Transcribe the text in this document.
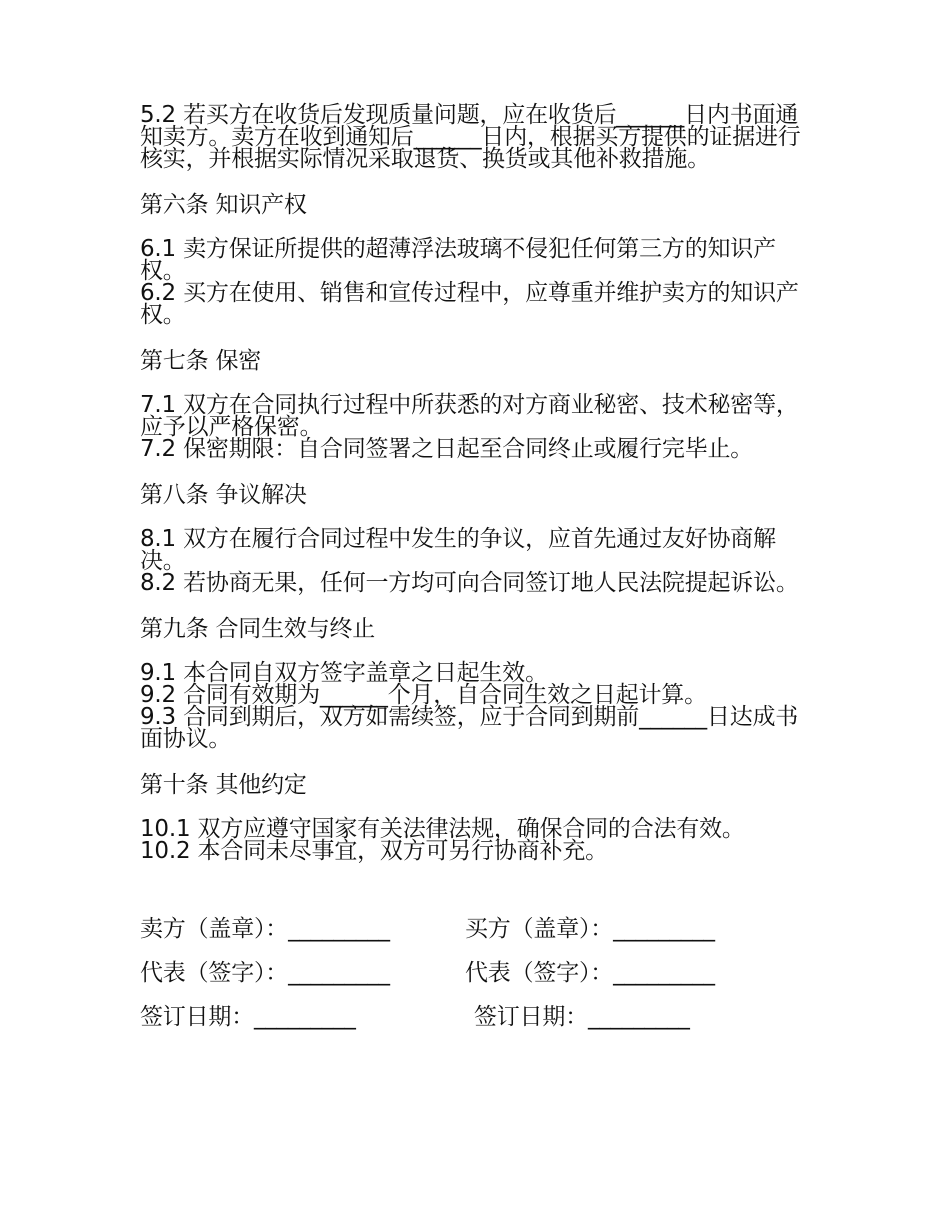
5.2 若买方在收货后发现质量问题，应在收货后______日内书面通知卖方。卖方在收到通知后______日内，根据买方提供的证据进行核实，并根据实际情况采取退货、换货或其他补救措施。

第六条 知识产权

6.1 卖方保证所提供的超薄浮法玻璃不侵犯任何第三方的知识产权。

6.2 买方在使用、销售和宣传过程中，应尊重并维护卖方的知识产权。

第七条 保密

7.1 双方在合同执行过程中所获悉的对方商业秘密、技术秘密等，应予以严格保密。

7.2 保密期限：自合同签署之日起至合同终止或履行完毕止。

第八条 争议解决

8.1 双方在履行合同过程中发生的争议，应首先通过友好协商解决。

8.2 若协商无果，任何一方均可向合同签订地人民法院提起诉讼。

第九条 合同生效与终止

9.1 本合同自双方签字盖章之日起生效。

9.2 合同有效期为______个月，自合同生效之日起计算。

9.3 合同到期后，双方如需续签，应于合同到期前______日达成书面协议。

第十条 其他约定

10.1 双方应遵守国家有关法律法规，确保合同的合法有效。

10.2 本合同未尽事宜，双方可另行协商补充。

卖方（盖章）：_________	买方（盖章）：_________
代表（签字）：_________	代表（签字）：_________
签订日期：_________	签订日期：_________
